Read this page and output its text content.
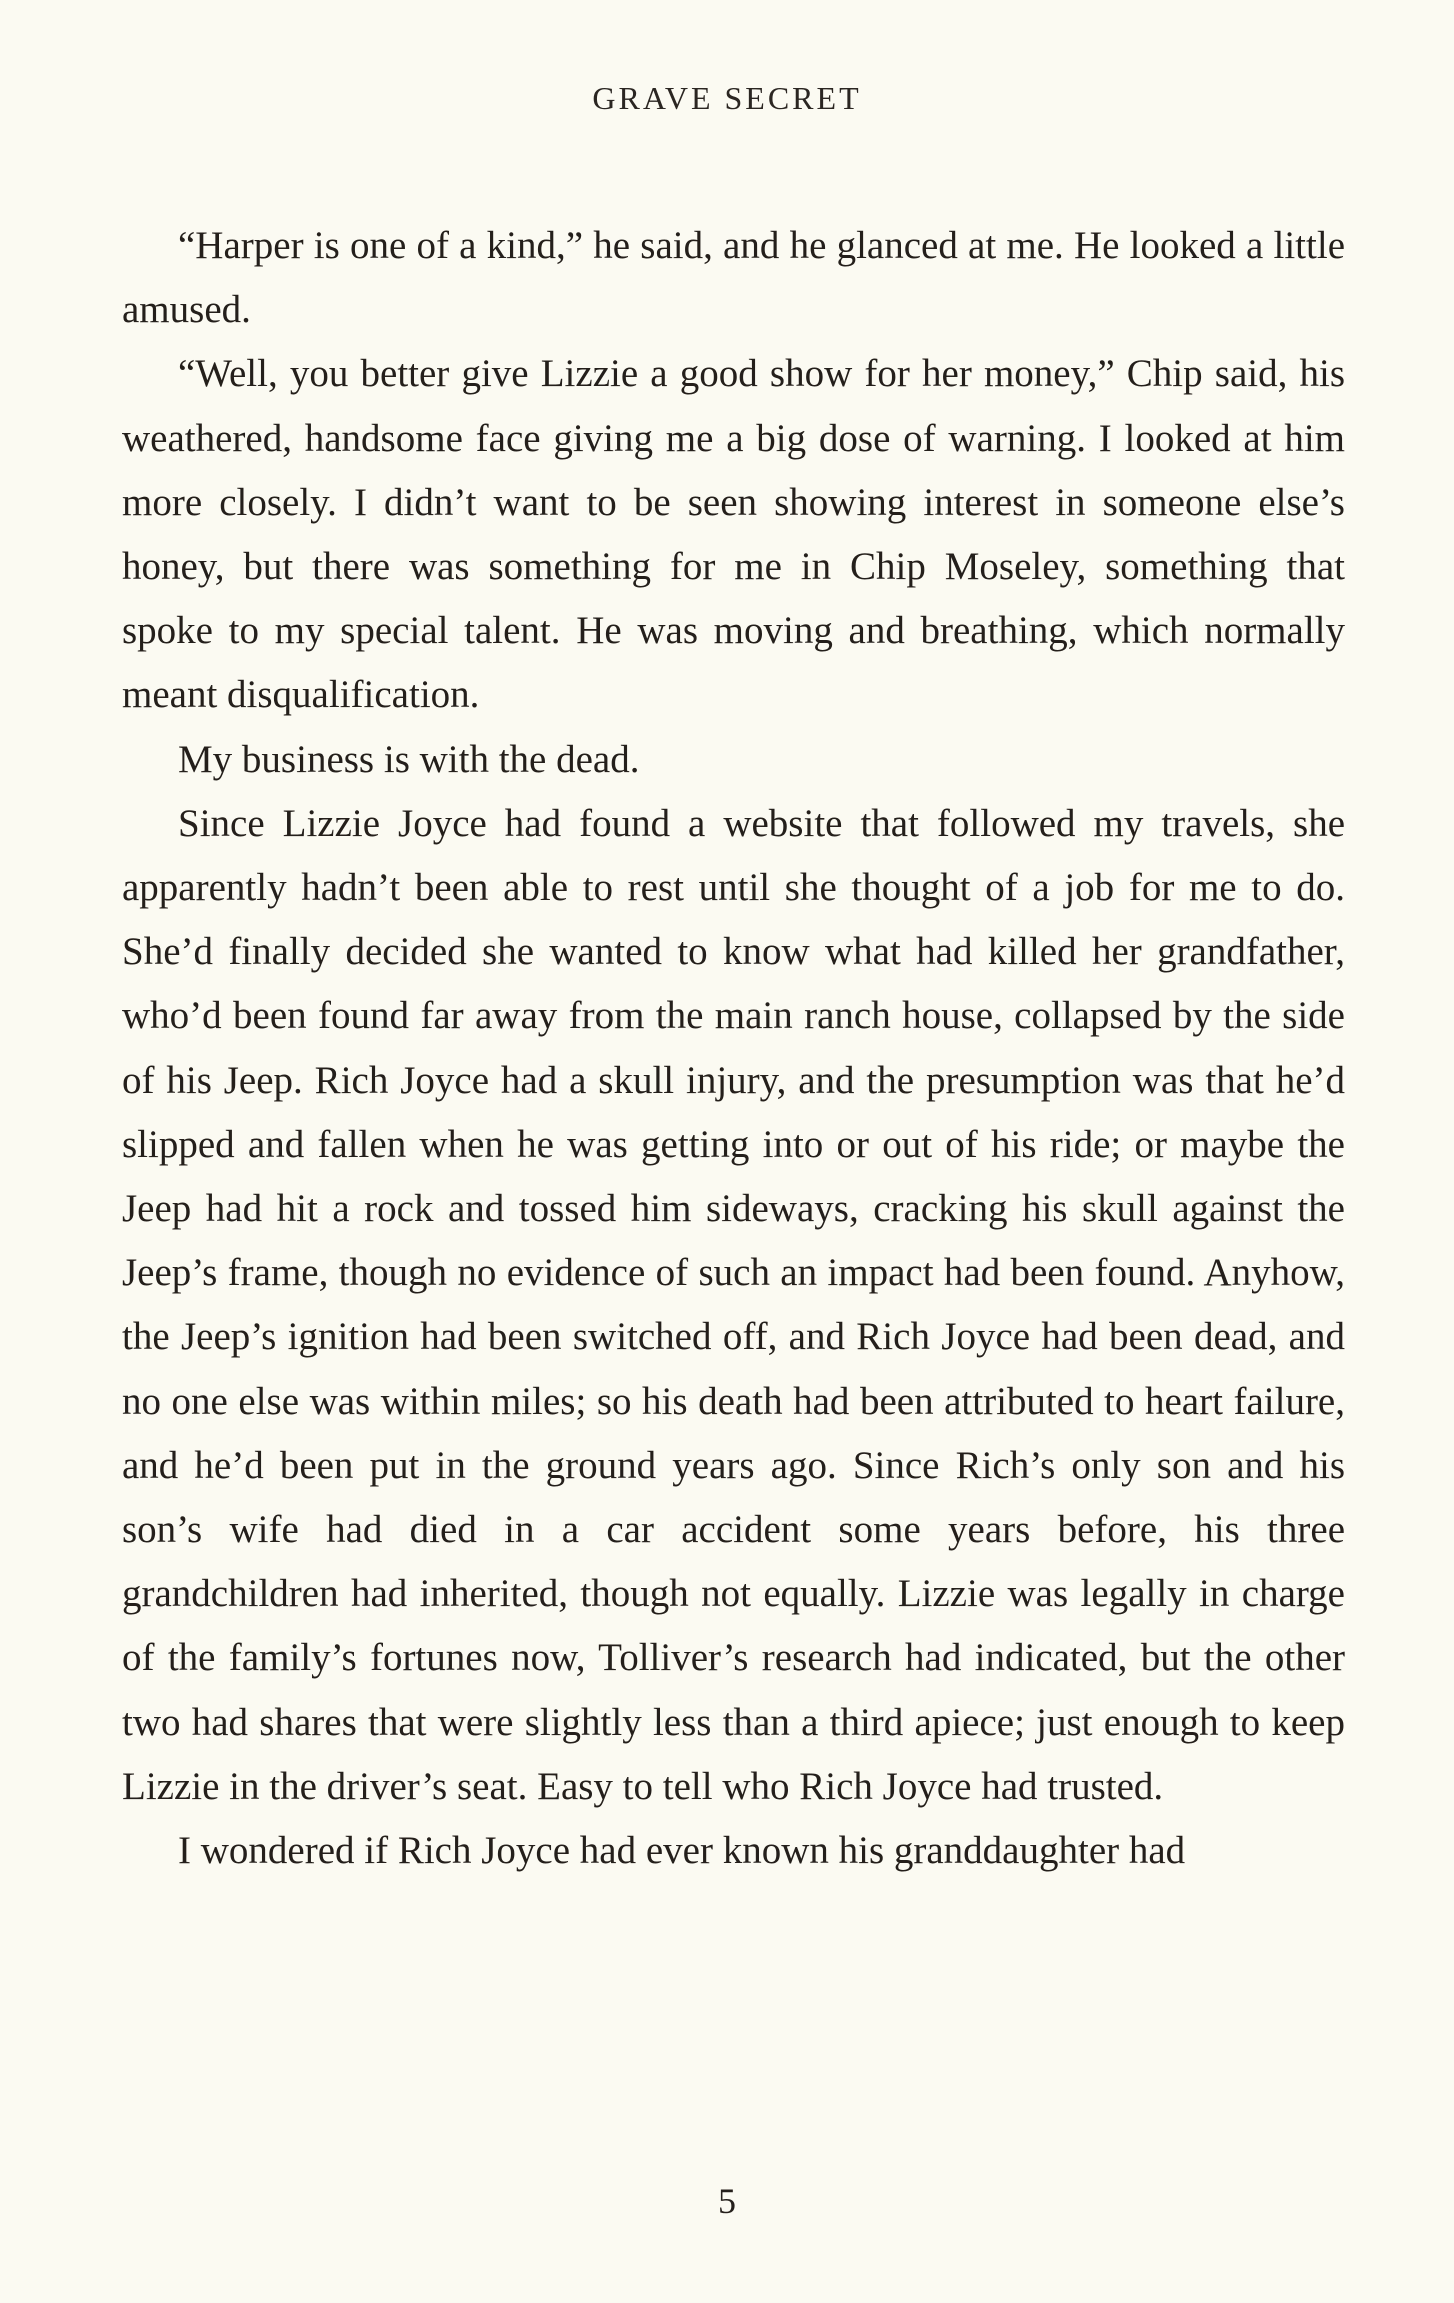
GRAVE SECRET

“Harper is one of a kind,” he said, and he glanced at me. He looked a little amused.

“Well, you better give Lizzie a good show for her money,” Chip said, his weathered, handsome face giving me a big dose of warning. I looked at him more closely. I didn’t want to be seen showing interest in someone else’s honey, but there was something for me in Chip Moseley, something that spoke to my special talent. He was moving and breathing, which normally meant disqualification.

My business is with the dead.

Since Lizzie Joyce had found a website that followed my travels, she apparently hadn’t been able to rest until she thought of a job for me to do. She’d finally decided she wanted to know what had killed her grandfather, who’d been found far away from the main ranch house, collapsed by the side of his Jeep. Rich Joyce had a skull injury, and the presumption was that he’d slipped and fallen when he was getting into or out of his ride; or maybe the Jeep had hit a rock and tossed him sideways, cracking his skull against the Jeep’s frame, though no evidence of such an impact had been found. Anyhow, the Jeep’s ignition had been switched off, and Rich Joyce had been dead, and no one else was within miles; so his death had been attributed to heart failure, and he’d been put in the ground years ago. Since Rich’s only son and his son’s wife had died in a car accident some years before, his three grandchildren had inherited, though not equally. Lizzie was legally in charge of the family’s fortunes now, Tolliver’s research had indicated, but the other two had shares that were slightly less than a third apiece; just enough to keep Lizzie in the driver’s seat. Easy to tell who Rich Joyce had trusted.

I wondered if Rich Joyce had ever known his granddaughter had

5
